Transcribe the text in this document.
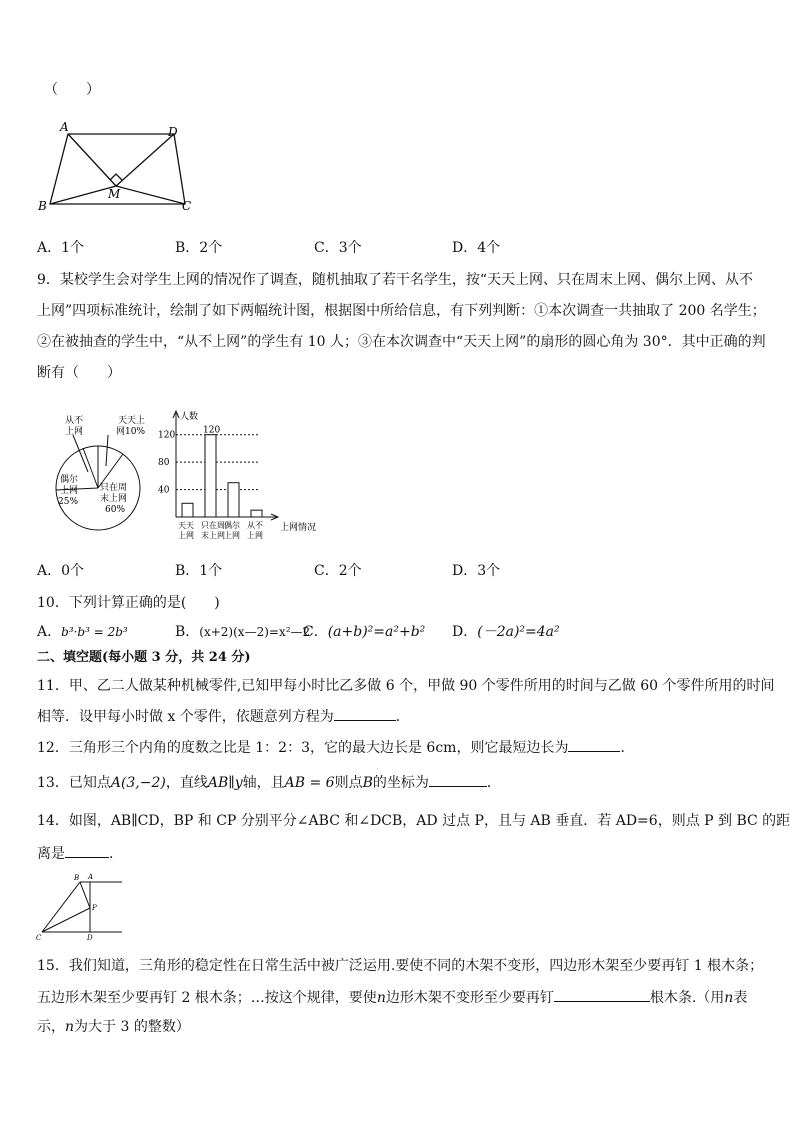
（　　）
A	D
B
M
C
A．1个	B．2个	C．3个	D．4个
9．某校学生会对学生上网的情况作了调查，随机抽取了若干名学生，按“天天上网、只在周末上网、偶尔上网、从不
上网”四项标准统计，绘制了如下两幅统计图，根据图中所给信息，有下列判断：①本次调查一共抽取了 200 名学生；
②在被抽查的学生中，“从不上网”的学生有 10 人；③在本次调查中“天天上网”的扇形的圆心角为 30°．其中正确的判
断有（　　）
从不
上网
天天上
网10%
偶尔
上网
25%
只在周
末上网
60%
人数
上网情况
40
80
120
天天
上网
120
只在周
末上网
偶尔
上网
从不
上网
A．0个	B．1个	C．2个	D．3个
10．下列计算正确的是(　　)
A．b³·b³ = 2b³	B．(x+2)(x—2)=x²—2
C．(a+b)²=a²+b² D．(－2a)²=4a²
二、填空题(每小题 3 分，共 24 分)
11．甲、乙二人做某种机械零件,已知甲每小时比乙多做 6 个，甲做 90 个零件所用的时间与乙做 60 个零件所用的时间
相等．设甲每小时做 x 个零件，依题意列方程为	．
12．三角形三个内角的度数之比是 1：2：3，它的最大边长是 6cm，则它最短边长为	．
13．已知点A(3,−2)，直线AB∥y轴，且AB = 6则点B的坐标为	．
14．如图，AB∥CD，BP 和 CP 分别平分∠ABC 和∠DCB，AD 过点 P，且与 AB 垂直．若 AD=6，则点 P 到 BC 的距
离是	.
B A
P
C	D
15．我们知道，三角形的稳定性在日常生活中被广泛运用.要使不同的木架不变形，四边形木架至少要再钉 1 根木条；
五边形木架至少要再钉 2 根木条；…按这个规律，要使n边形木架不变形至少要再钉	根木条.（用n表
示，n为大于 3 的整数）
